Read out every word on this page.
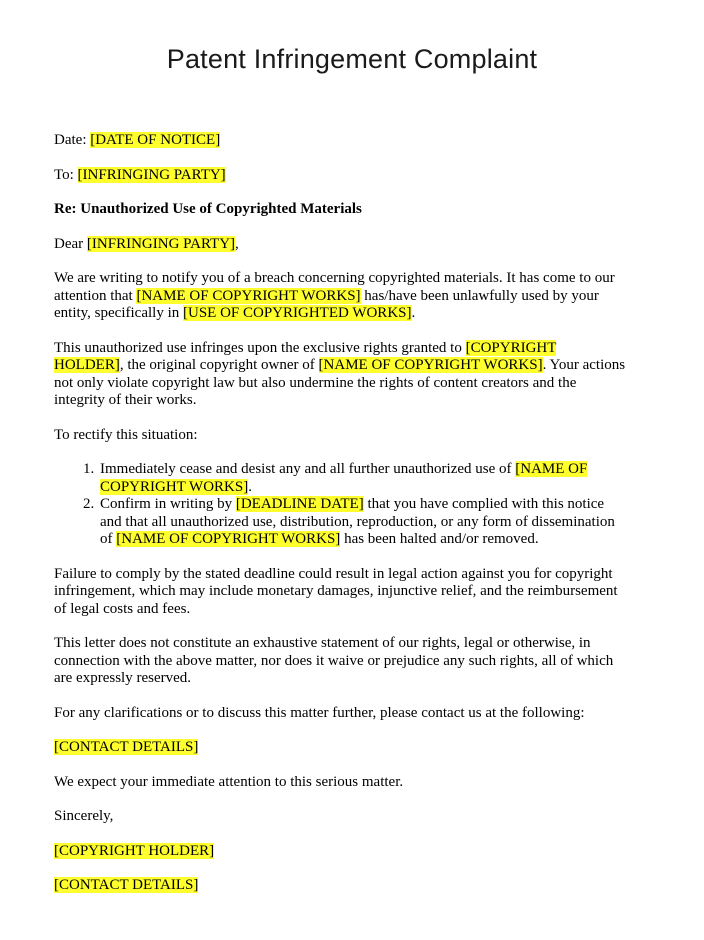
Patent Infringement Complaint

Date: [DATE OF NOTICE]

To: [INFRINGING PARTY]

Re: Unauthorized Use of Copyrighted Materials

Dear [INFRINGING PARTY],

We are writing to notify you of a breach concerning copyrighted materials. It has come to our attention that [NAME OF COPYRIGHT WORKS] has/have been unlawfully used by your entity, specifically in [USE OF COPYRIGHTED WORKS].

This unauthorized use infringes upon the exclusive rights granted to [COPYRIGHT HOLDER], the original copyright owner of [NAME OF COPYRIGHT WORKS]. Your actions not only violate copyright law but also undermine the rights of content creators and the integrity of their works.

To rectify this situation:

1. Immediately cease and desist any and all further unauthorized use of [NAME OF COPYRIGHT WORKS].
2. Confirm in writing by [DEADLINE DATE] that you have complied with this notice and that all unauthorized use, distribution, reproduction, or any form of dissemination of [NAME OF COPYRIGHT WORKS] has been halted and/or removed.

Failure to comply by the stated deadline could result in legal action against you for copyright infringement, which may include monetary damages, injunctive relief, and the reimbursement of legal costs and fees.

This letter does not constitute an exhaustive statement of our rights, legal or otherwise, in connection with the above matter, nor does it waive or prejudice any such rights, all of which are expressly reserved.

For any clarifications or to discuss this matter further, please contact us at the following:

[CONTACT DETAILS]

We expect your immediate attention to this serious matter.

Sincerely,

[COPYRIGHT HOLDER]

[CONTACT DETAILS]
